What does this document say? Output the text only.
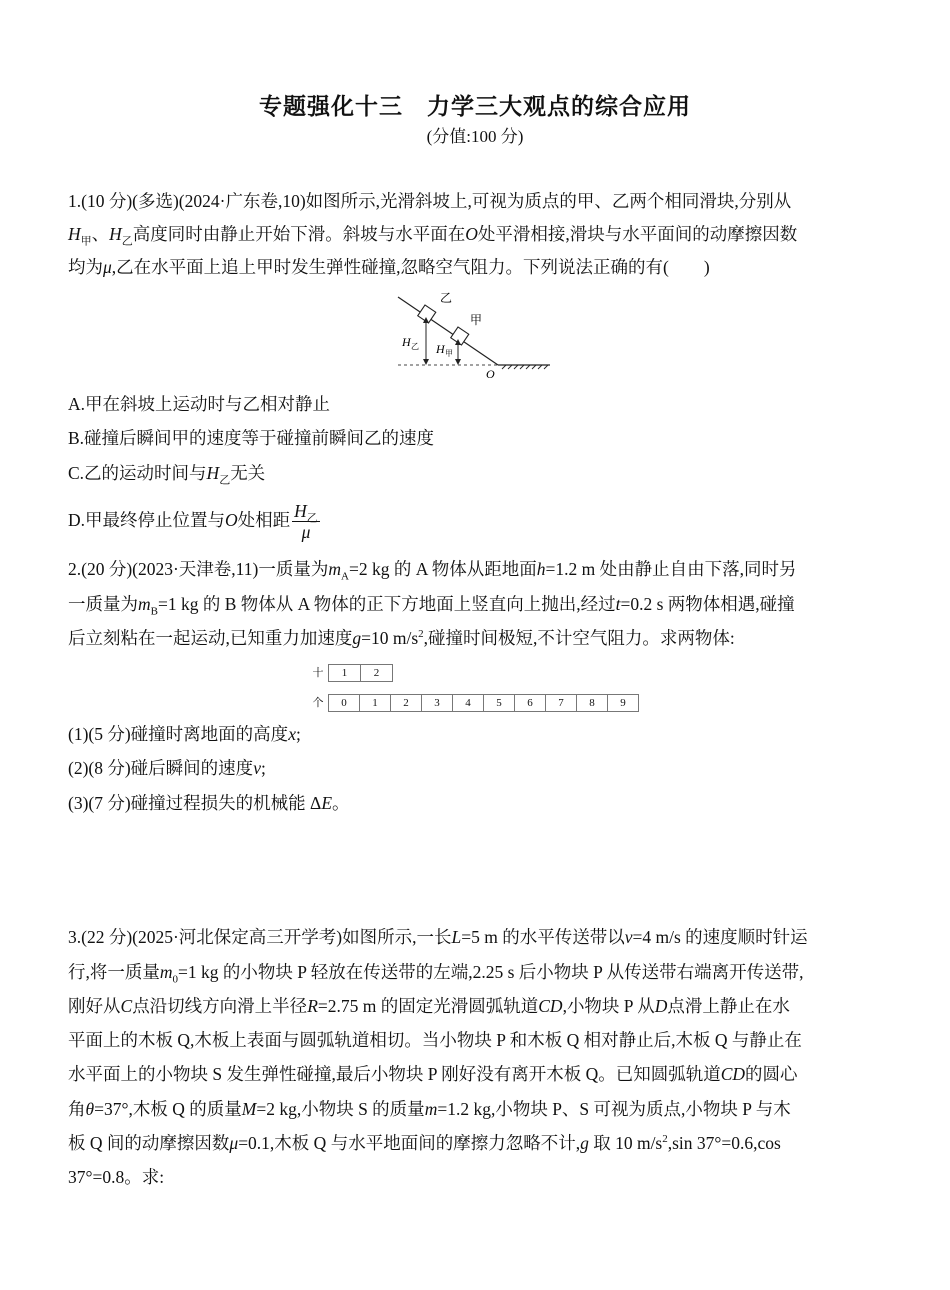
专题强化十三　力学三大观点的综合应用
(分值:100 分)
1.(10 分)(多选)(2024·广东卷,10)如图所示,光滑斜坡上,可视为质点的甲、乙两个相同滑块,分别从
$H_甲$、$H_乙$高度同时由静止开始下滑。斜坡与水平面在O处平滑相接,滑块与水平面间的动摩擦因数
均为μ,乙在水平面上追上甲时发生弹性碰撞,忽略空气阻力。下列说法正确的有(　　)
乙
甲
H 乙 H 甲
O
A.甲在斜坡上运动时与乙相对静止
B.碰撞后瞬间甲的速度等于碰撞前瞬间乙的速度
C.乙的运动时间与$H_乙$无关
D.甲最终停止位置与O处相距 $\frac{H_乙}{\mu}$
2.(20 分)(2023·天津卷,11)一质量为$m_A=2$ kg 的 A 物体从距地面h=1.2 m 处由静止自由下落,同时另
一质量为$m_B=1$ kg 的 B 物体从 A 物体的正下方地面上竖直向上抛出,经过t=0.2 s 两物体相遇,碰撞
后立刻粘在一起运动,已知重力加速度g=10 $m/s^2$,碰撞时间极短,不计空气阻力。求两物体:
十	1	2
个	0	1	2	3	4	5	6	7	8	9
(1)(5 分)碰撞时离地面的高度x;
(2)(8 分)碰后瞬间的速度v;
(3)(7 分)碰撞过程损失的机械能 ΔE。
3.(22 分)(2025·河北保定高三开学考)如图所示,一长L=5 m 的水平传送带以v=4 m/s 的速度顺时针运
行,将一质量$m_0=1$ kg 的小物块 P 轻放在传送带的左端,2.25 s 后小物块 P 从传送带右端离开传送带,
刚好从C点沿切线方向滑上半径R=2.75 m 的固定光滑圆弧轨道CD,小物块 P 从D点滑上静止在水
平面上的木板 Q,木板上表面与圆弧轨道相切。当小物块 P 和木板 Q 相对静止后,木板 Q 与静止在
水平面上的小物块 S 发生弹性碰撞,最后小物块 P 刚好没有离开木板 Q。已知圆弧轨道CD的圆心
角θ=37°,木板 Q 的质量M=2 kg,小物块 S 的质量m=1.2 kg,小物块 P、S 可视为质点,小物块 P 与木
板 Q 间的动摩擦因数μ=0.1,木板 Q 与水平地面间的摩擦力忽略不计,g 取 10 $m/s^2,\sin$ 37°=0.6,cos
37°=0.8。求:
